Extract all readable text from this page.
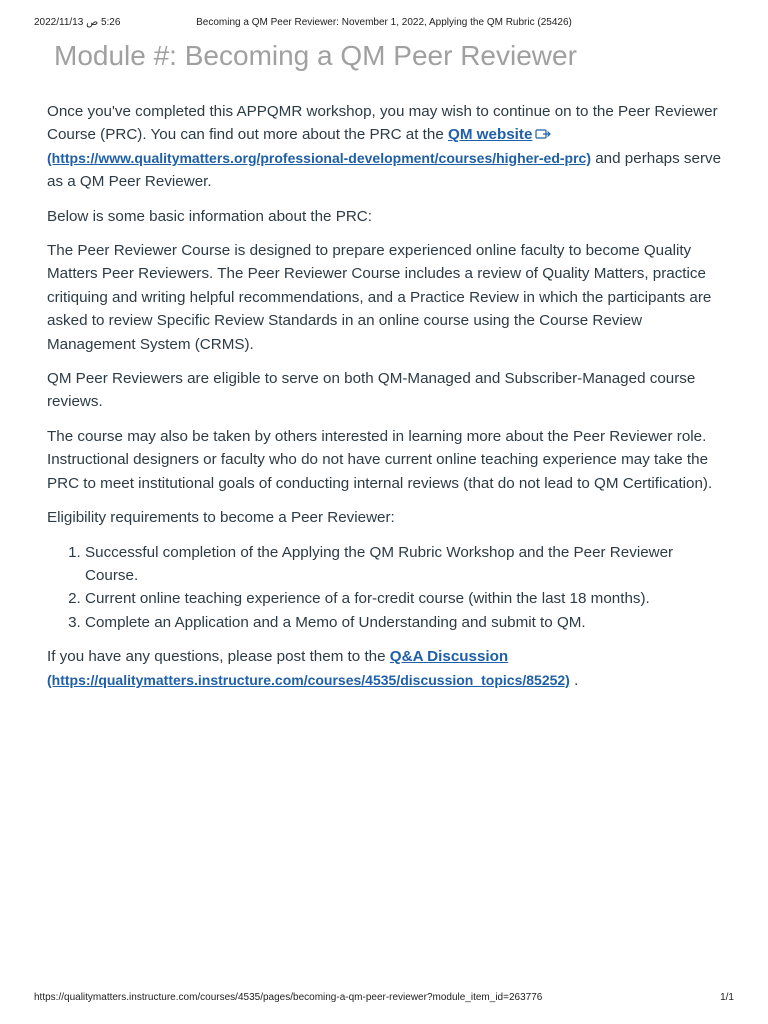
5:26 ص 2022/11/13	Becoming a QM Peer Reviewer: November 1, 2022, Applying the QM Rubric (25426)
Module #: Becoming a QM Peer Reviewer

Once you've completed this APPQMR workshop, you may wish to continue on to the Peer Reviewer Course (PRC). You can find out more about the PRC at the QM website (https://www.qualitymatters.org/professional-development/courses/higher-ed-prc) and perhaps serve as a QM Peer Reviewer.

Below is some basic information about the PRC:

The Peer Reviewer Course is designed to prepare experienced online faculty to become Quality Matters Peer Reviewers. The Peer Reviewer Course includes a review of Quality Matters, practice critiquing and writing helpful recommendations, and a Practice Review in which the participants are asked to review Specific Review Standards in an online course using the Course Review Management System (CRMS).

QM Peer Reviewers are eligible to serve on both QM-Managed and Subscriber-Managed course reviews.

The course may also be taken by others interested in learning more about the Peer Reviewer role. Instructional designers or faculty who do not have current online teaching experience may take the PRC to meet institutional goals of conducting internal reviews (that do not lead to QM Certification).

Eligibility requirements to become a Peer Reviewer:

1. Successful completion of the Applying the QM Rubric Workshop and the Peer Reviewer Course.
2. Current online teaching experience of a for-credit course (within the last 18 months).
3. Complete an Application and a Memo of Understanding and submit to QM.

If you have any questions, please post them to the Q&A Discussion
(https://qualitymatters.instructure.com/courses/4535/discussion_topics/85252) .

https://qualitymatters.instructure.com/courses/4535/pages/becoming-a-qm-peer-reviewer?module_item_id=263776	1/1
